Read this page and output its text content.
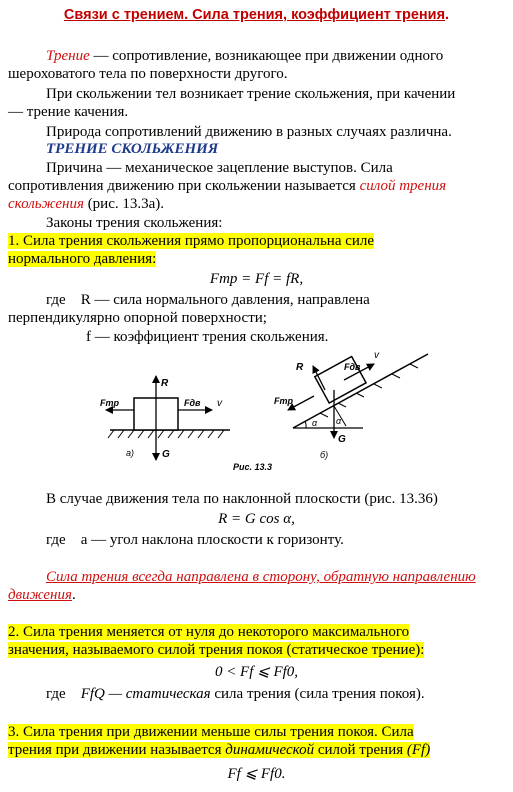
Связи с трением. Сила трения, коэффициент трения.
Трение — сопротивление, возникающее при движении одного
шероховатого тела по поверхности другого.
При скольжении тел возникает трение скольжения, при качении
— трение качения.
Природа сопротивлений движению в разных случаях различна.
ТРЕНИЕ СКОЛЬЖЕНИЯ
Причина — механическое зацепление выступов. Сила
сопротивления движению при скольжении называется силой трения
скольжения (рис. 13.3а).
Законы трения скольжения:
1. Сила трения скольжения прямо пропорциональна силе
нормального давления:
Fтр = Ff = fR,
где R — сила нормального давления, направлена
перпендикулярно опорной поверхности;
f — коэффициент трения скольжения.
R
G
Fтр	Fдв v
а)
Рис. 13.3
R
G
Fтр
Fдв
v
α α
б)
В случае движения тела по наклонной плоскости (рис. 13.36)
R = G cos α,
где a — угол наклона плоскости к горизонту.
Сила трения всегда направлена в сторону, обратную направлению
движения.
2. Сила трения меняется от нуля до некоторого максимального
значения, называемого силой трения покоя (статическое трение):
0 < Ff ⩽ Ff0,
где FfQ — статическая сила трения (сила трения покоя).
3. Сила трения при движении меньше силы трения покоя. Сила
трения при движении называется динамической силой трения (Ff)
Ff ⩽ Ff0.
